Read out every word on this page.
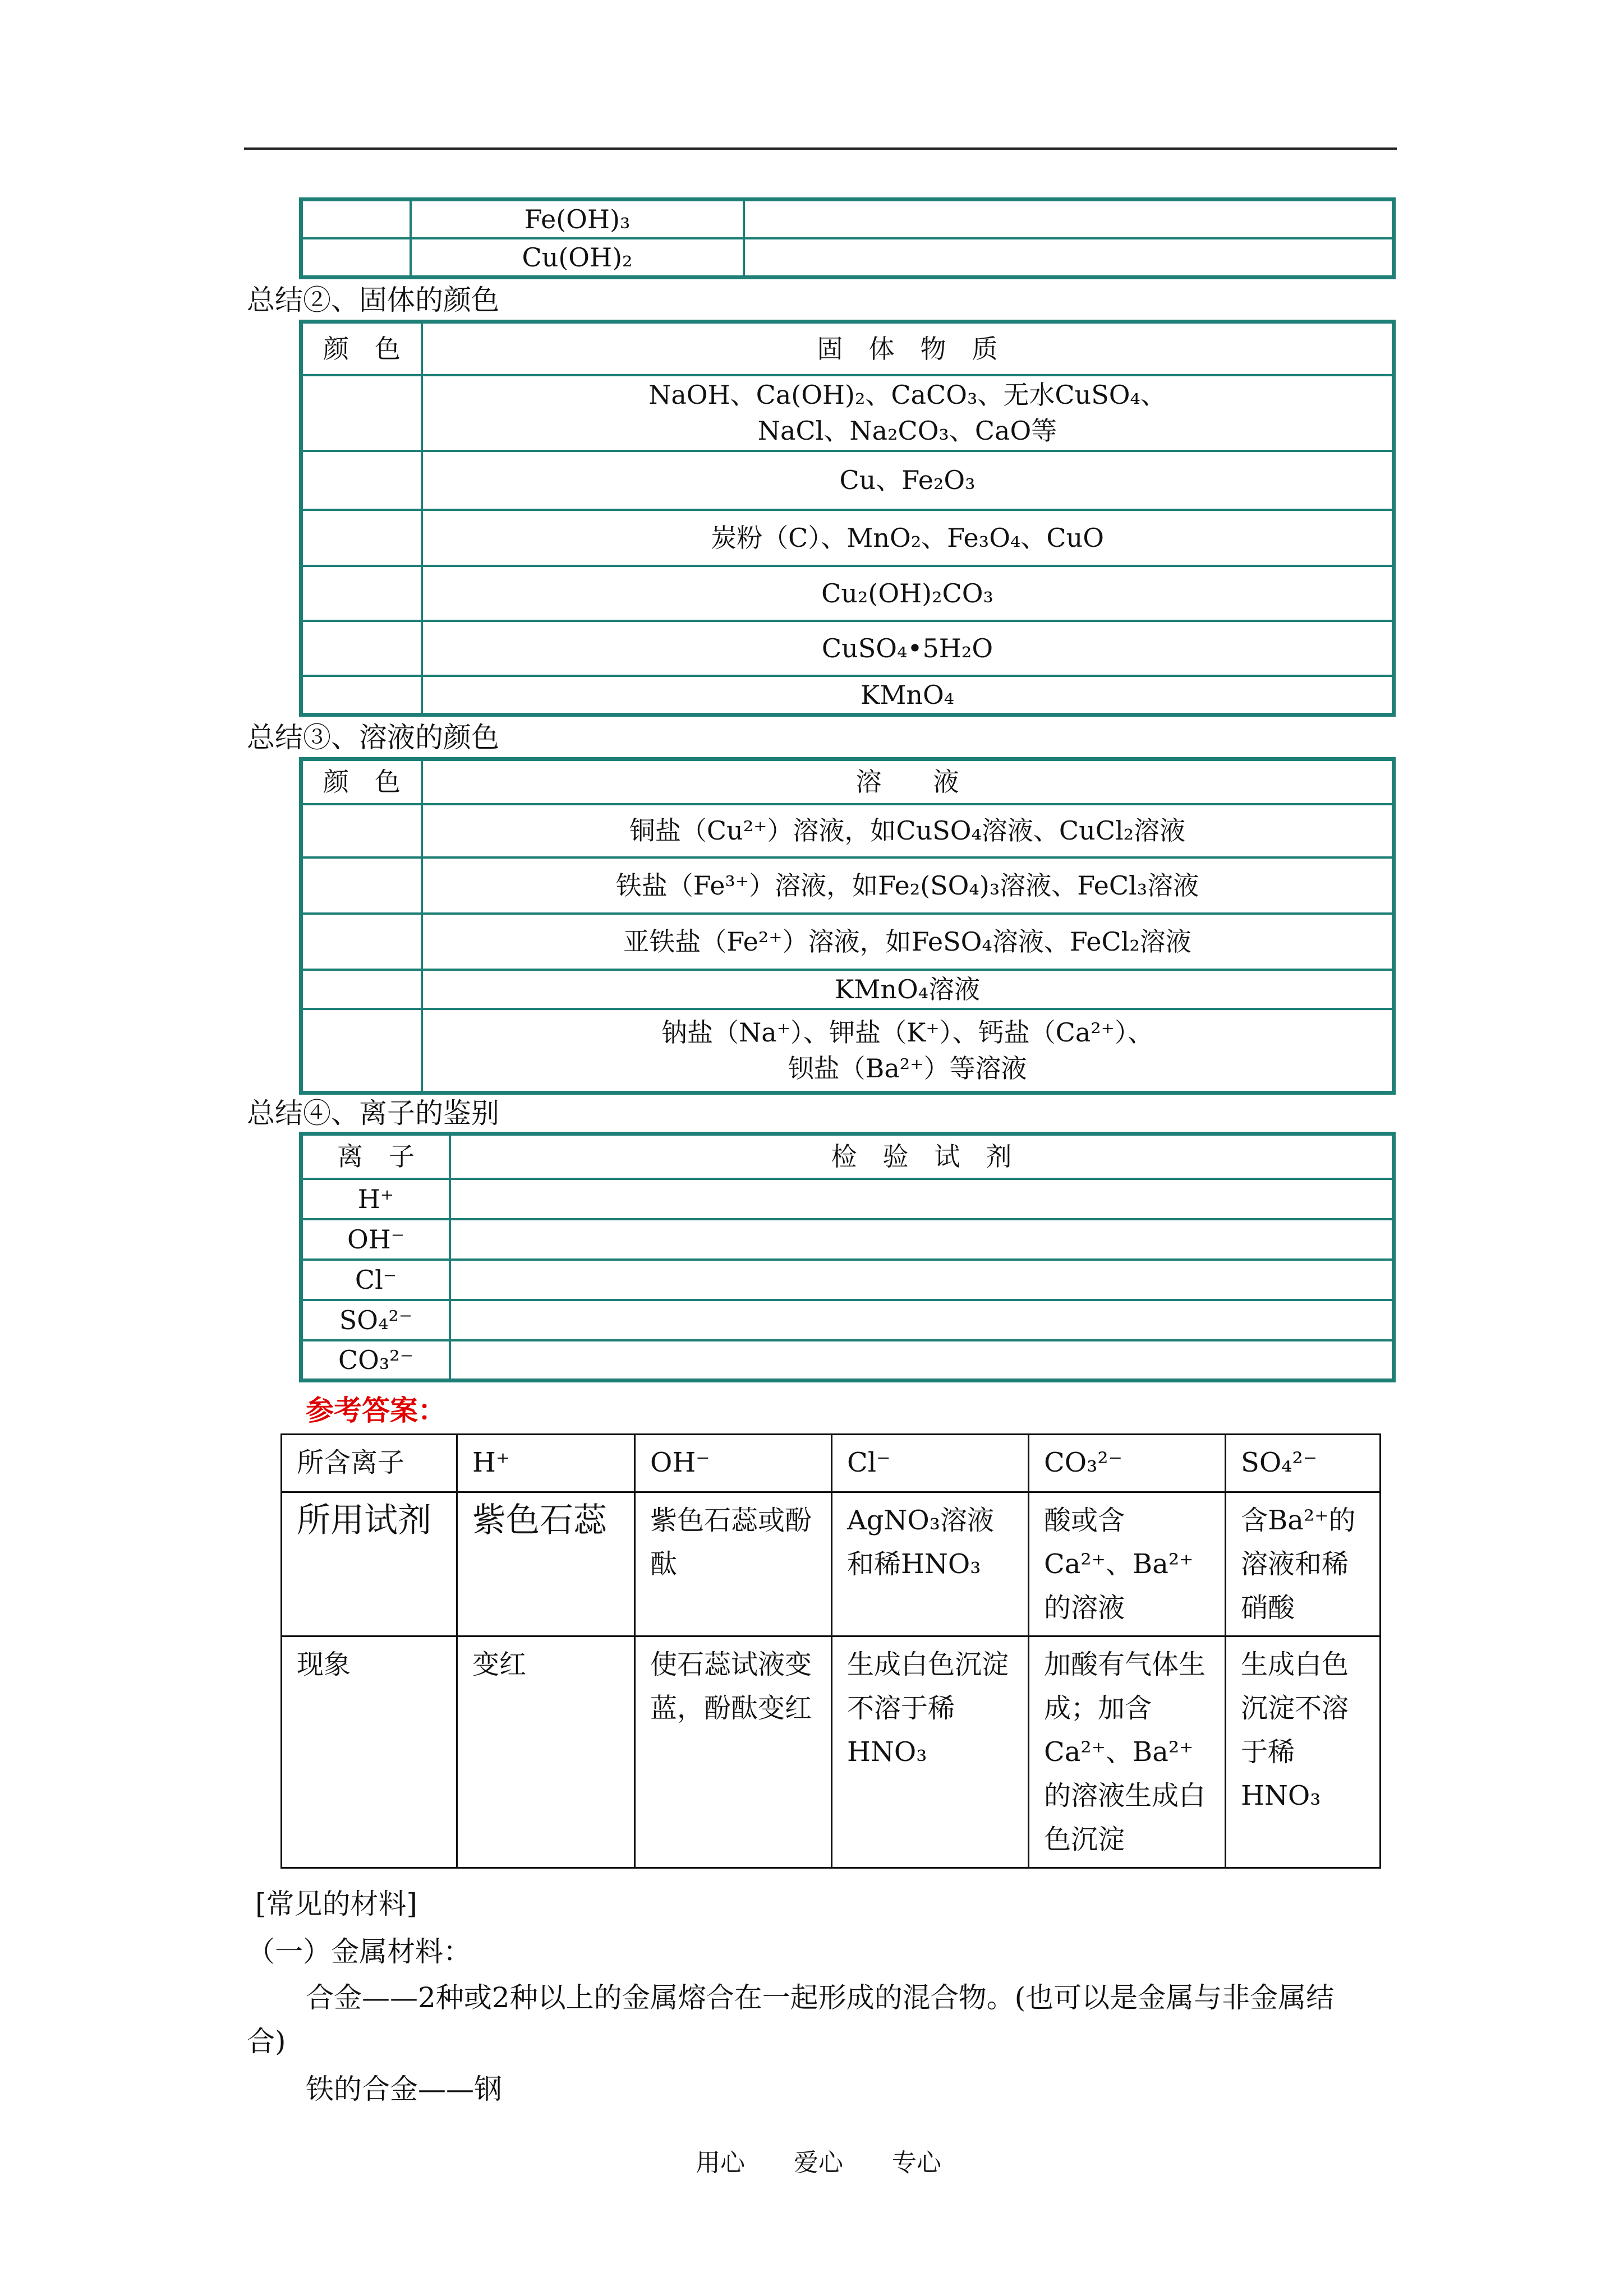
	Fe(OH)₃	
	Cu(OH)₂	
总结②、固体的颜色
颜　色	固　体　物　质

	NaOH、Ca(OH)₂、CaCO₃、无水CuSO₄、
NaCl、Na₂CO₃、CaO等

	Cu、Fe₂O₃
	炭粉（C）、MnO₂、Fe₃O₄、CuO
	Cu₂(OH)₂CO₃
	CuSO₄•5H₂O
	KMnO₄
总结③、溶液的颜色
颜　色	溶　　液
	铜盐（Cu²⁺）溶液，如CuSO₄溶液、CuCl₂溶液
	铁盐（Fe³⁺）溶液，如Fe₂(SO₄)₃溶液、FeCl₃溶液
	亚铁盐（Fe²⁺）溶液，如FeSO₄溶液、FeCl₂溶液
	KMnO₄溶液

	钠盐（Na⁺）、钾盐（K⁺）、钙盐（Ca²⁺）、
钡盐（Ba²⁺）等溶液
总结④、离子的鉴别
离　子	检　验　试　剂
H⁺	
OH⁻	
Cl⁻	
SO₄²⁻	
CO₃²⁻	
参考答案：
所含离子	H⁺	OH⁻	Cl⁻	CO₃²⁻	SO₄²⁻
所用试剂	紫色石蕊	紫色石蕊或酚酞	AgNO₃溶液和稀HNO₃	酸或含Ca²⁺、Ba²⁺的溶液	含Ba²⁺的溶液和稀硝酸
现象	变红	使石蕊试液变蓝，酚酞变红	生成白色沉淀不溶于稀HNO₃	加酸有气体生成；加含Ca²⁺、Ba²⁺的溶液生成白色沉淀	生成白色沉淀不溶于稀HNO₃
[常见的材料]
（一）金属材料：
合金——2种或2种以上的金属熔合在一起形成的混合物。(也可以是金属与非金属结
合)
铁的合金——钢
用心 爱心 专心
